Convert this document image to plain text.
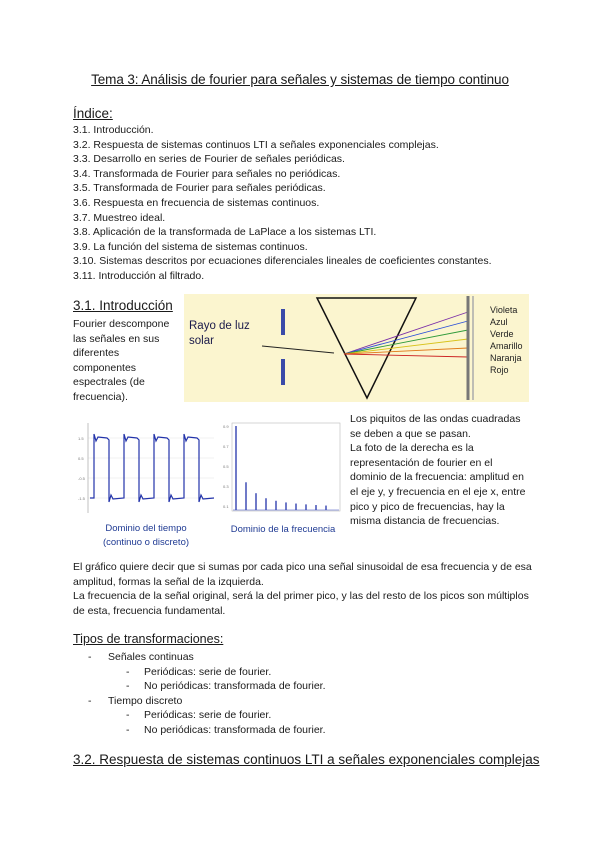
Tema 3: Análisis de fourier para señales y sistemas de tiempo continuo
Índice:
3.1. Introducción.
3.2. Respuesta de sistemas continuos LTI a señales exponenciales complejas.
3.3. Desarrollo en series de Fourier de señales periódicas.
3.4. Transformada de Fourier para señales no periódicas.
3.5. Transformada de Fourier para señales periódicas.
3.6. Respuesta en frecuencia de sistemas continuos.
3.7. Muestreo ideal.
3.8. Aplicación de la transformada de LaPlace a los sistemas LTI.
3.9. La función del sistema de sistemas continuos.
3.10. Sistemas descritos por ecuaciones diferenciales lineales de coeficientes constantes.
3.11. Introducción al filtrado.
3.1. Introducción
Fourier descompone las señales en sus diferentes componentes espectrales (de frecuencia).
Rayo de luz
solar
Violeta
Azul
Verde
Amarillo
Naranja
Rojo
1.5
0.5
-0.5
-1.5
0.9
0.7
0.5
0.3
0.1
Dominio del tiempo
(continuo o discreto)
Dominio de la frecuencia
Los piquitos de las ondas cuadradas se deben a que se pasan.
La foto de la derecha es la representación de fourier en el dominio de la frecuencia: amplitud en el eje y, y frecuencia en el eje x, entre pico y pico de frecuencias, hay la misma distancia de frecuencias.

El gráfico quiere decir que si sumas por cada pico una señal sinusoidal de esa frecuencia y de esa amplitud, formas la señal de la izquierda.

La frecuencia de la señal original, será la del primer pico, y las del resto de los picos son múltiplos de esta, frecuencia fundamental.

Tipos de transformaciones:
- Señales continuas
- Periódicas: serie de fourier.
- No periódicas: transformada de fourier.
- Tiempo discreto
- Periódicas: serie de fourier.
- No periódicas: transformada de fourier.
3.2. Respuesta de sistemas continuos LTI a señales exponenciales complejas
